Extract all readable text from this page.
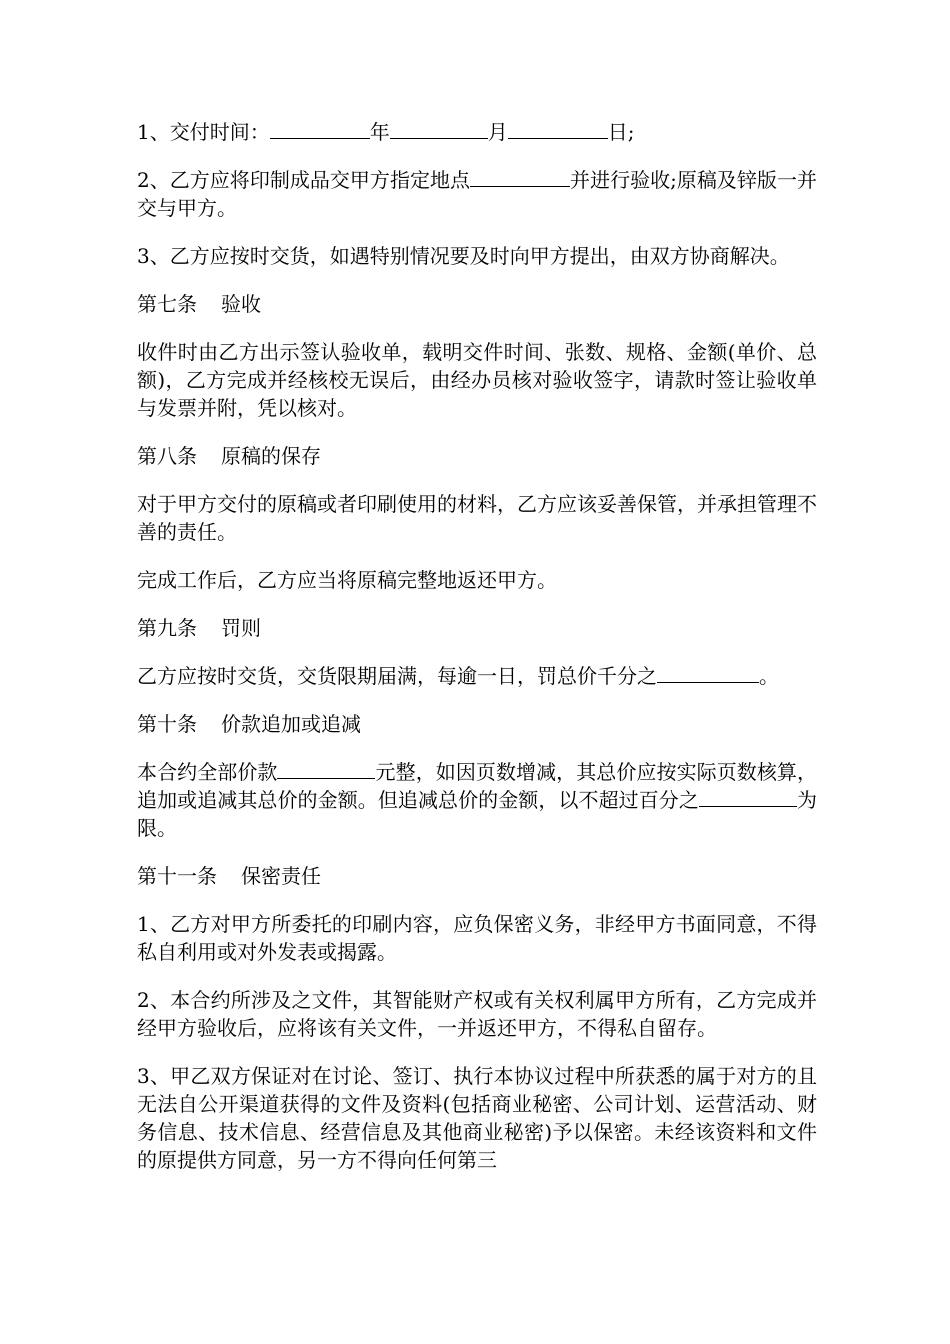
1、交付时间：	年	月	日;

2、乙方应将印制成品交甲方指定地点	并进行验收;原稿及锌版一并交与甲方。

3、乙方应按时交货，如遇特别情况要及时向甲方提出，由双方协商解决。

第七条 验收

收件时由乙方出示签认验收单，载明交件时间、张数、规格、金额(单价、总额)，乙方完成并经核校无误后，由经办员核对验收签字，请款时签让验收单与发票并附，凭以核对。

第八条 原稿的保存

对于甲方交付的原稿或者印刷使用的材料，乙方应该妥善保管，并承担管理不善的责任。

完成工作后，乙方应当将原稿完整地返还甲方。

第九条 罚则

乙方应按时交货，交货限期届满，每逾一日，罚总价千分之	。

第十条 价款追加或追减

本合约全部价款	元整，如因页数增减，其总价应按实际页数核算，追加或追减其总价的金额。但追减总价的金额，以不超过百分之	为限。

第十一条 保密责任

1、乙方对甲方所委托的印刷内容，应负保密义务，非经甲方书面同意，不得私自利用或对外发表或揭露。

2、本合约所涉及之文件，其智能财产权或有关权利属甲方所有，乙方完成并经甲方验收后，应将该有关文件，一并返还甲方，不得私自留存。

3、甲乙双方保证对在讨论、签订、执行本协议过程中所获悉的属于对方的且无法自公开渠道获得的文件及资料(包括商业秘密、公司计划、运营活动、财务信息、技术信息、经营信息及其他商业秘密)予以保密。未经该资料和文件的原提供方同意，另一方不得向任何第三
